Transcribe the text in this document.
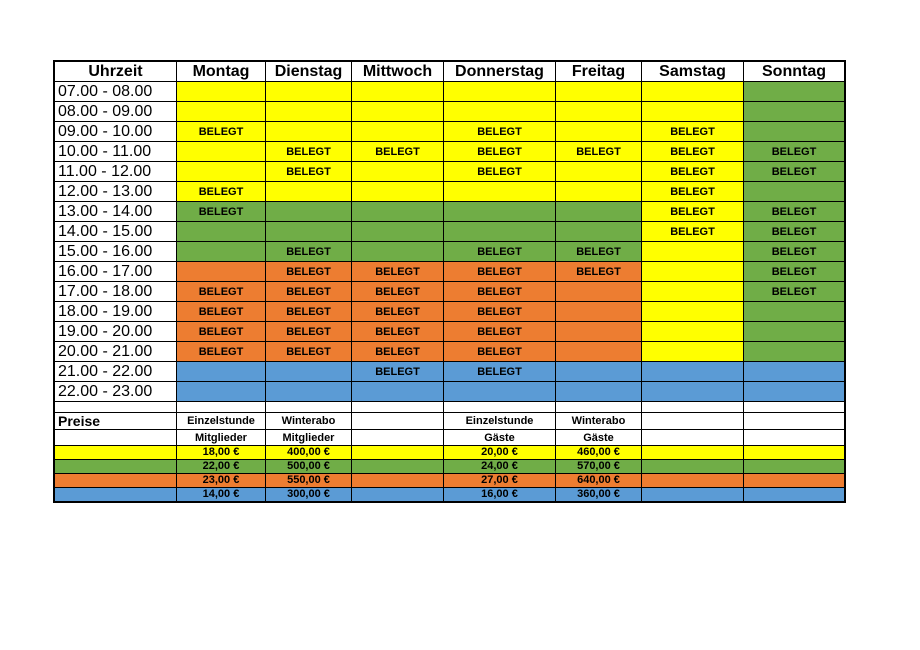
Uhrzeit	Montag	Dienstag	Mittwoch	Donnerstag	Freitag	Samstag	Sonntag
07.00 - 08.00							
08.00 - 09.00							
09.00 - 10.00	BELEGT			BELEGT		BELEGT	
10.00 - 11.00		BELEGT	BELEGT	BELEGT	BELEGT	BELEGT	BELEGT
11.00 - 12.00		BELEGT		BELEGT		BELEGT	BELEGT
12.00 - 13.00	BELEGT					BELEGT	
13.00 - 14.00	BELEGT					BELEGT	BELEGT
14.00 - 15.00						BELEGT	BELEGT
15.00 - 16.00		BELEGT		BELEGT	BELEGT		BELEGT
16.00 - 17.00		BELEGT	BELEGT	BELEGT	BELEGT		BELEGT
17.00 - 18.00	BELEGT	BELEGT	BELEGT	BELEGT			BELEGT
18.00 - 19.00	BELEGT	BELEGT	BELEGT	BELEGT			
19.00 - 20.00	BELEGT	BELEGT	BELEGT	BELEGT			
20.00 - 21.00	BELEGT	BELEGT	BELEGT	BELEGT			
21.00 - 22.00			BELEGT	BELEGT			
22.00 - 23.00							

Preise	Einzelstunde	Winterabo		Einzelstunde	Winterabo		
	Mitglieder	Mitglieder		Gäste	Gäste		
	18,00 €	400,00 €		20,00 €	460,00 €		
	22,00 €	500,00 €		24,00 €	570,00 €		
	23,00 €	550,00 €		27,00 €	640,00 €		
	14,00 €	300,00 €		16,00 €	360,00 €		
